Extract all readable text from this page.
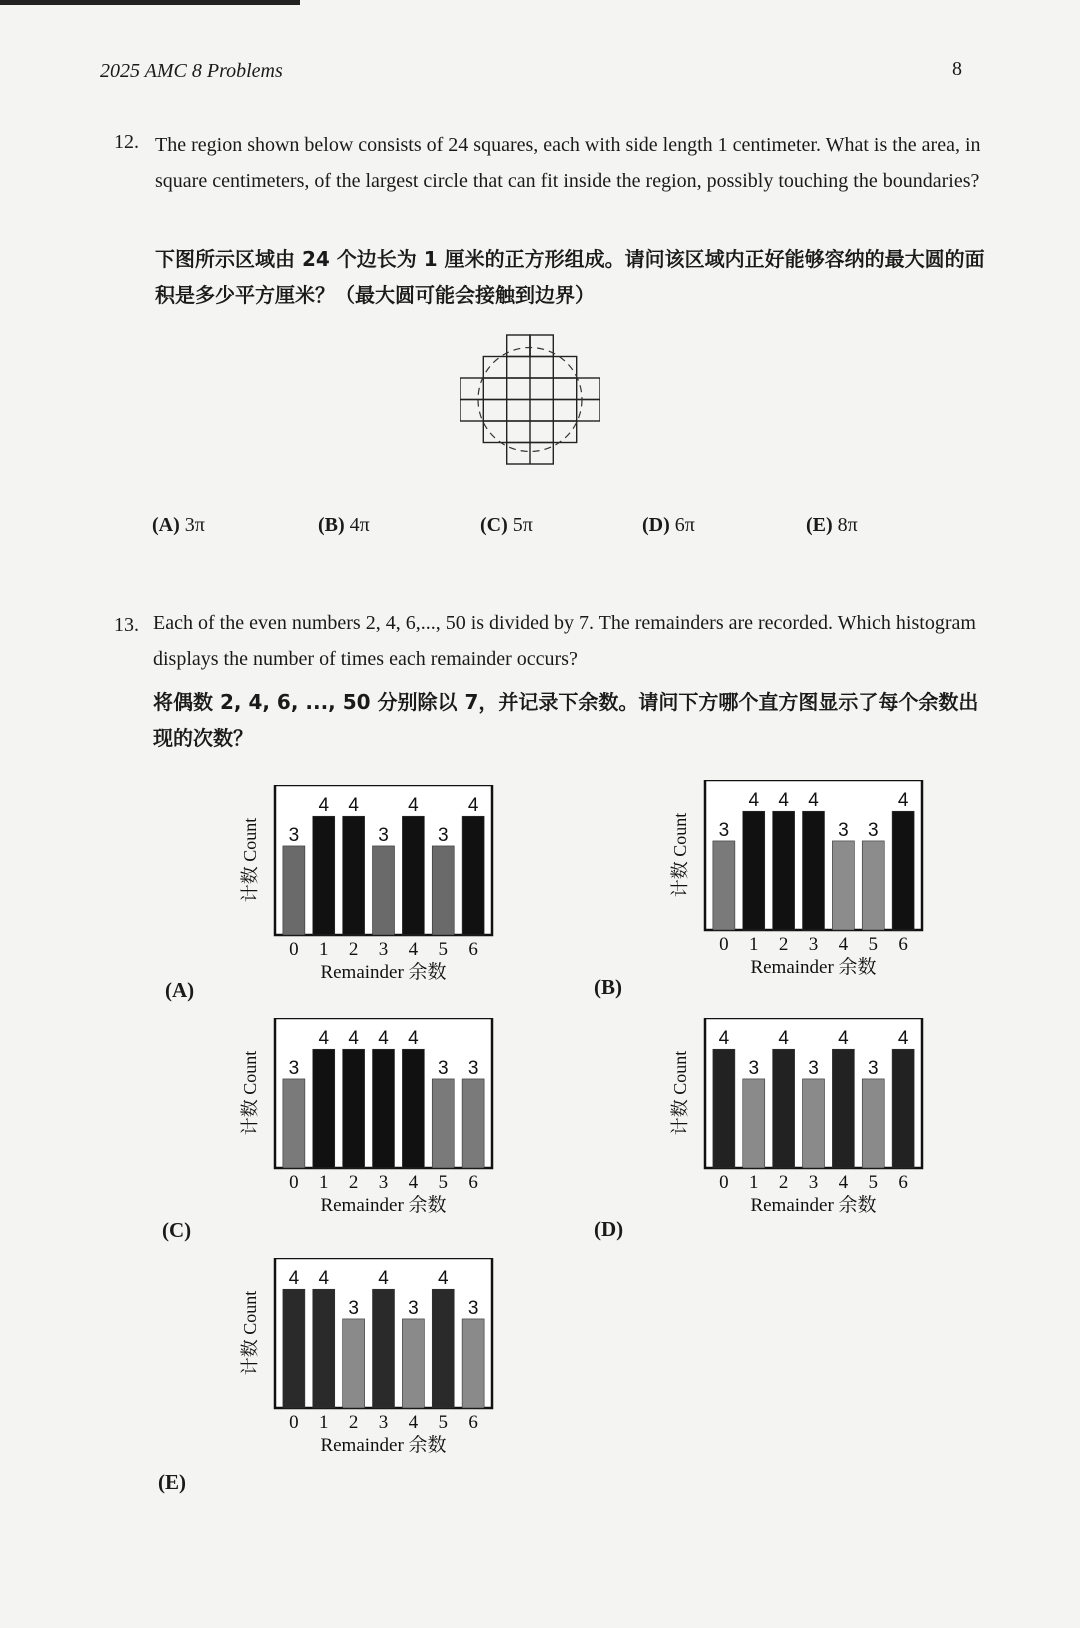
2025 AMC 8 Problems	8
12. The region shown below consists of 24 squares, each with side length 1 centimeter. What is the area, in square centimeters, of the largest circle that can fit inside the region, possibly touching the boundaries?
下图所示区域由 24 个边长为 1 厘米的正方形组成。请问该区域内正好能够容纳的最大圆的面积是多少平方厘米？（最大圆可能会接触到边界）
(A) 3π	(B) 4π	(C) 5π	(D) 6π	(E) 8π
13. Each of the even numbers 2, 4, 6,..., 50 is divided by 7. The remainders are recorded. Which histogram displays the number of times each remainder occurs?
将偶数 2, 4, 6, ..., 50 分别除以 7，并记录下余数。请问下方哪个直方图显示了每个余数出现的次数？
3
0
4
1
4
2
3
3
4
4
3
5
4
6
Remainder 余数
计数 Count
(A)
3
0
4
1
4
2
4
3
3
4
3
5
4
6
Remainder 余数
计数 Count
(B)
3
0
4
1
4
2
4
3
4
4
3
5
3
6
Remainder 余数
计数 Count
(C)
4
0
3
1
4
2
3
3
4
4
3
5
4
6
Remainder 余数
计数 Count
(D)
4
0
4
1
3
2
4
3
3
4
4
5
3
6
Remainder 余数
计数 Count
(E)
